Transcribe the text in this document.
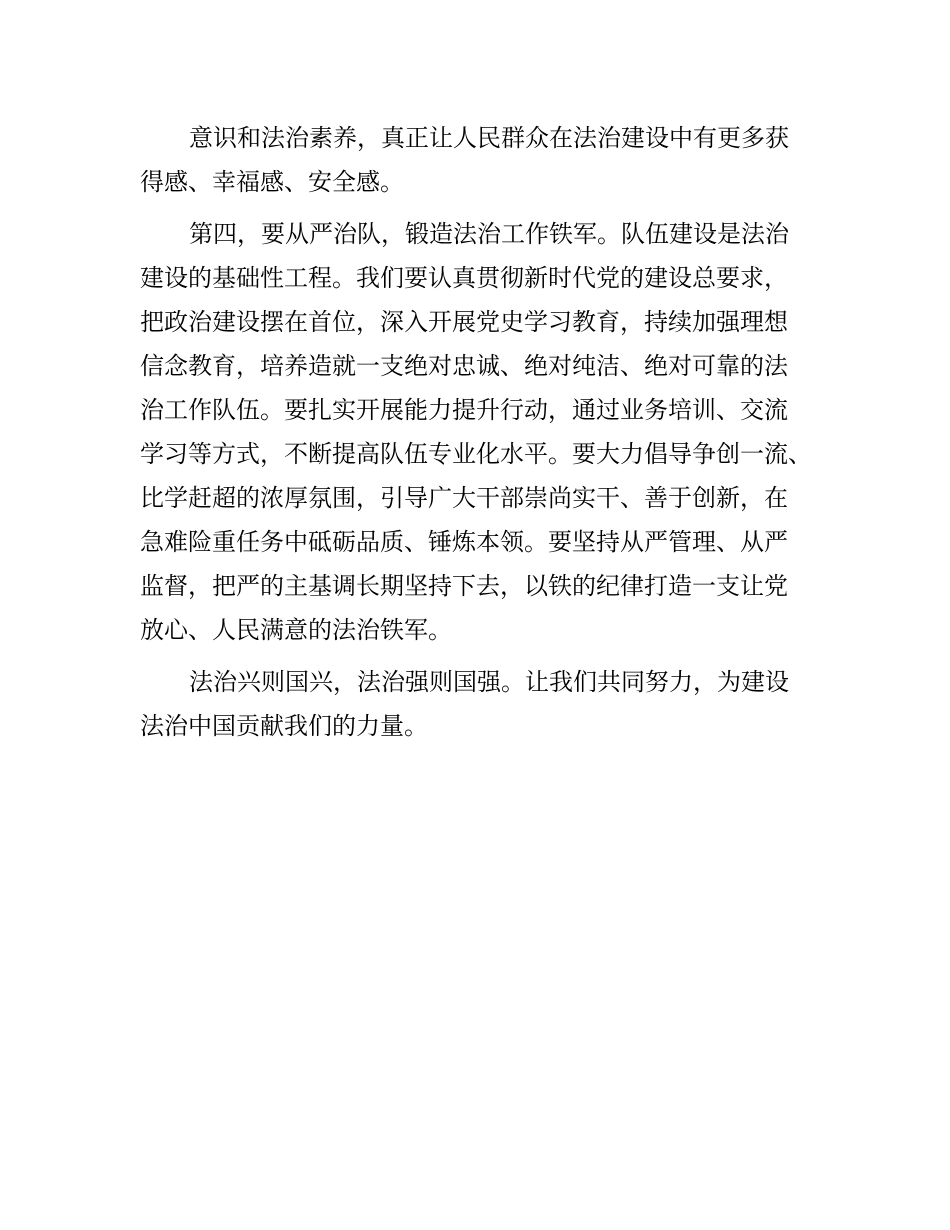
意识和法治素养，真正让人民群众在法治建设中有更多获
得感、幸福感、安全感。
第四，要从严治队，锻造法治工作铁军。队伍建设是法治
建设的基础性工程。我们要认真贯彻新时代党的建设总要求，
把政治建设摆在首位，深入开展党史学习教育，持续加强理想
信念教育，培养造就一支绝对忠诚、绝对纯洁、绝对可靠的法
治工作队伍。要扎实开展能力提升行动，通过业务培训、交流
学习等方式，不断提高队伍专业化水平。要大力倡导争创一流、
比学赶超的浓厚氛围，引导广大干部崇尚实干、善于创新，在
急难险重任务中砥砺品质、锤炼本领。要坚持从严管理、从严
监督，把严的主基调长期坚持下去，以铁的纪律打造一支让党
放心、人民满意的法治铁军。
法治兴则国兴，法治强则国强。让我们共同努力，为建设
法治中国贡献我们的力量。
